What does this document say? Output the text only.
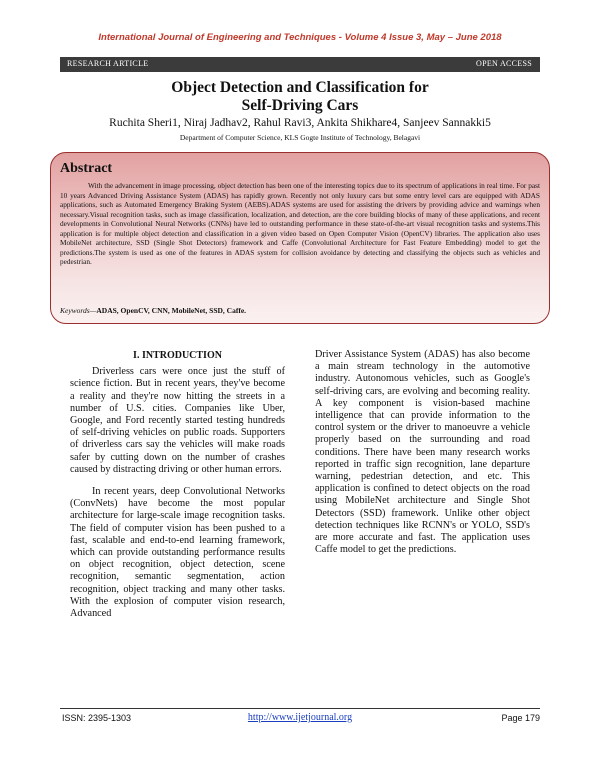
International Journal of Engineering and Techniques - Volume 4 Issue 3, May – June 2018
RESEARCH ARTICLE	OPEN ACCESS
Object Detection and Classification for
Self-Driving Cars
Ruchita Sheri1, Niraj Jadhav2, Rahul Ravi3, Ankita Shikhare4, Sanjeev Sannakki5
Department of Computer Science, KLS Gogte Institute of Technology, Belagavi
Abstract
With the advancement in image processing, object detection has been one of the interesting topics due to its spectrum of applications in real time. For past 10 years Advanced Driving Assistance System (ADAS) has rapidly grown. Recently not only luxury cars but some entry level cars are equipped with ADAS applications, such as Automated Emergency Braking System (AEBS).ADAS systems are used for assisting the drivers by providing advice and warnings when necessary.Visual recognition tasks, such as image classification, localization, and detection, are the core building blocks of many of these applications, and recent developments in Convolutional Neural Networks (CNNs) have led to outstanding performance in these state-of-the-art visual recognition tasks and systems.This application is for multiple object detection and classification in a given video based on Open Computer Vision (OpenCV) libraries. The application also uses MobileNet architecture, SSD (Single Shot Detectors) framework and Caffe (Convolutional Architecture for Fast Feature Embedding) model to get the predictions.The system is used as one of the features in ADAS system for collision avoidance by detecting and classifying the objects such as vehicles and pedestrian.
Keywords—ADAS, OpenCV, CNN, MobileNet, SSD, Caffe.
I. INTRODUCTION

Driverless cars were once just the stuff of science fiction. But in recent years, they've become a reality and they're now hitting the streets in a number of U.S. cities. Companies like Uber, Google, and Ford recently started testing hundreds of self-driving vehicles on public roads. Supporters of driverless cars say the vehicles will make roads safer by cutting down on the number of crashes caused by distracting driving or other human errors.

In recent years, deep Convolutional Networks (ConvNets) have become the most popular architecture for large-scale image recognition tasks. The field of computer vision has been pushed to a fast, scalable and end-to-end learning framework, which can provide outstanding performance results on object recognition, object detection, scene recognition, semantic segmentation, action recognition, object tracking and many other tasks. With the explosion of computer vision research, Advanced

Driver Assistance System (ADAS) has also become a main stream technology in the automotive industry. Autonomous vehicles, such as Google's self-driving cars, are evolving and becoming reality. A key component is vision-based machine intelligence that can provide information to the control system or the driver to manoeuvre a vehicle properly based on the surrounding and road conditions. There have been many research works reported in traffic sign recognition, lane departure warning, pedestrian detection, and etc. This application is confined to detect objects on the road using MobileNet architecture and Single Shot Detectors (SSD) framework. Unlike other object detection techniques like RCNN's or YOLO, SSD's are more accurate and fast. The application uses Caffe model to get the predictions.

ISSN: 2395-1303	http://www.ijetjournal.org	Page 179
